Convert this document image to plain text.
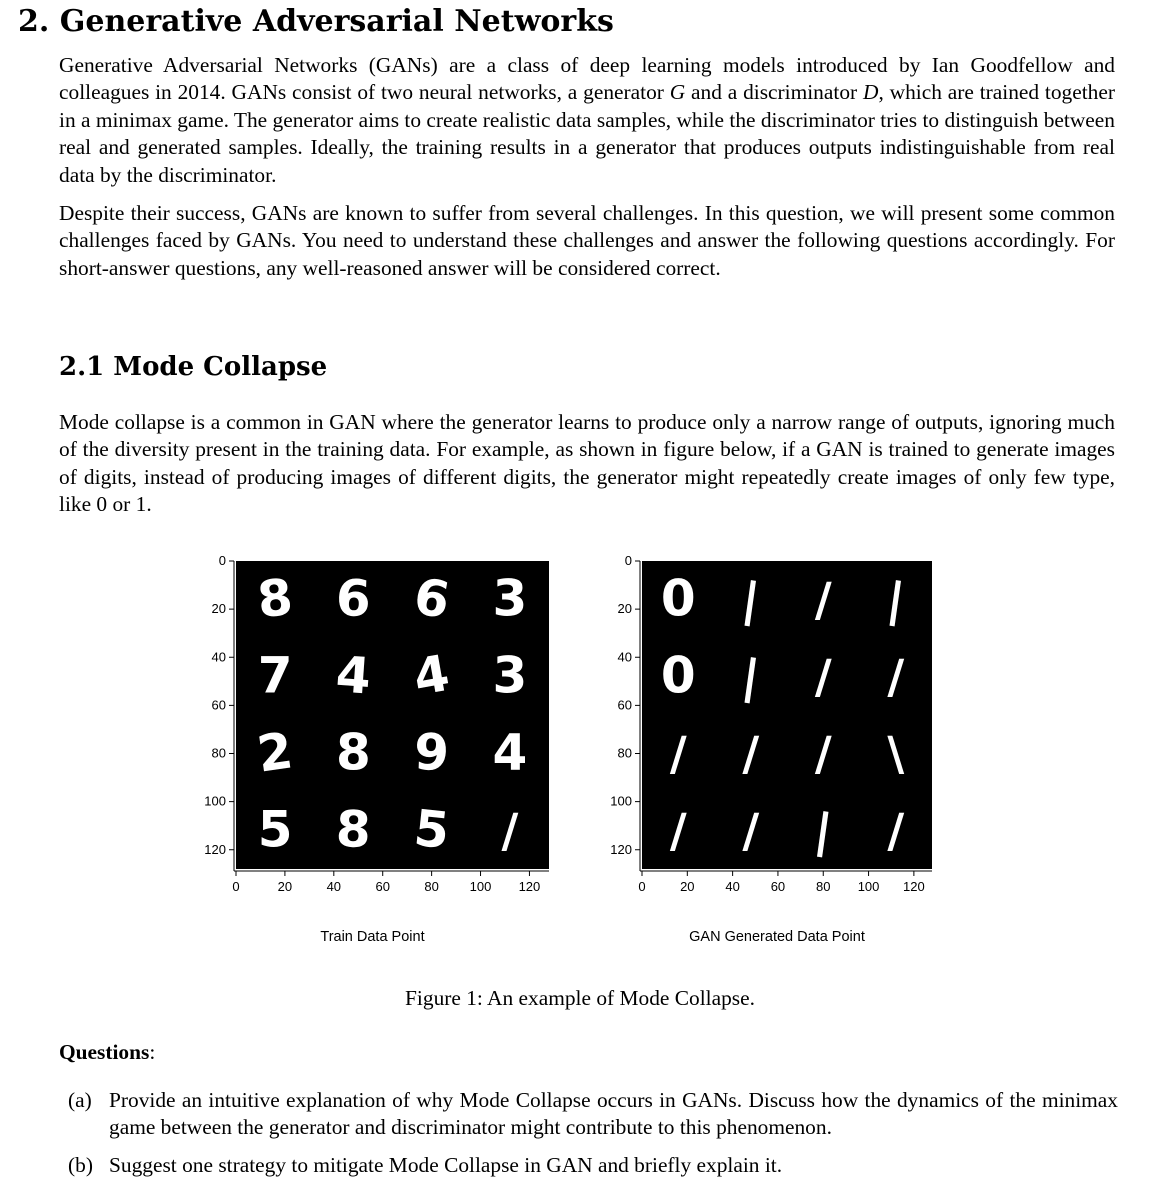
2. Generative Adversarial Networks

Generative Adversarial Networks (GANs) are a class of deep learning models introduced by Ian Goodfellow and colleagues in 2014. GANs consist of two neural networks, a generator G and a discriminator D, which are trained together in a minimax game. The generator aims to create realistic data samples, while the discriminator tries to distinguish between real and generated samples. Ideally, the training results in a generator that produces outputs indistinguishable from real data by the discriminator.

Despite their success, GANs are known to suffer from several challenges. In this question, we will present some common challenges faced by GANs. You need to understand these challenges and answer the following questions accordingly. For short-answer questions, any well-reasoned answer will be considered correct.

2.1 Mode Collapse

Mode collapse is a common in GAN where the generator learns to produce only a narrow range of outputs, ignoring much of the diversity present in the training data. For example, as shown in figure below, if a GAN is trained to generate images of digits, instead of producing images of different digits, the generator might repeatedly create images of only few type, like 0 or 1.

8 6 6 3
7 4 4 3
2 8 9 4
5 8 5 /
0
20
40
60
80
100
120
0	20	40	60	80 100 120
Train Data Point
0 | / |
0 | / /
/ / / \
/ / | /
0
20
40
60
80
100
120
0	20 40 60 80 100 120
GAN Generated Data Point

Figure 1: An example of Mode Collapse.

Questions:

(a) Provide an intuitive explanation of why Mode Collapse occurs in GANs. Discuss how the dynamics of the minimax game between the generator and discriminator might contribute to this phenomenon.

(b) Suggest one strategy to mitigate Mode Collapse in GAN and briefly explain it.
